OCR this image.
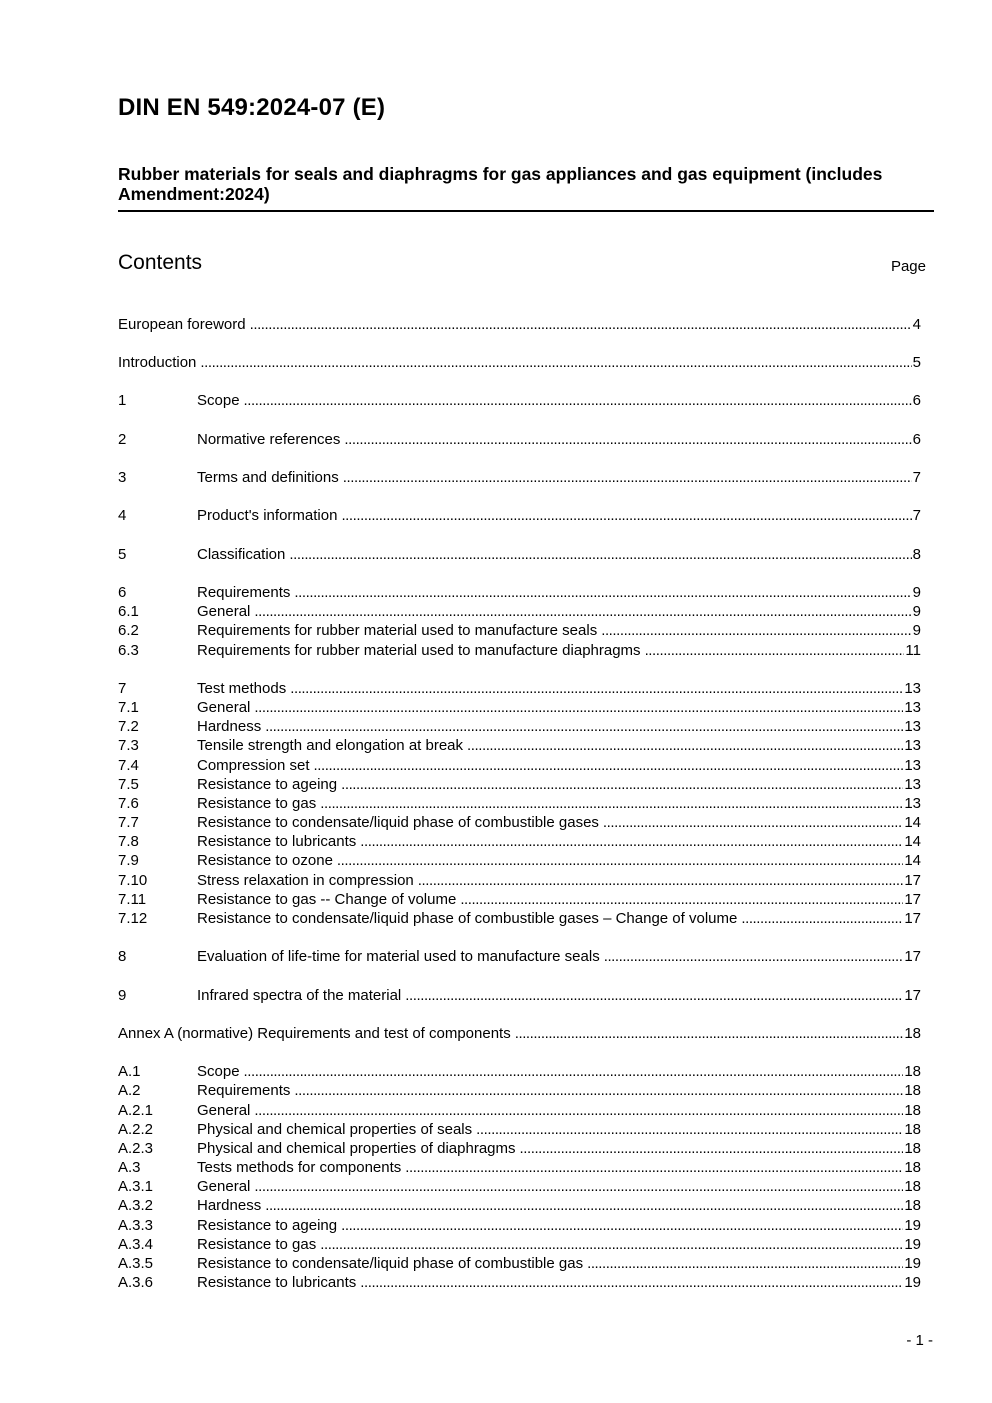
DIN EN 549:2024-07 (E)
Rubber materials for seals and diaphragms for gas appliances and gas equipment (includes Amendment:2024)
Contents	Page
European foreword . . .	4
Introduction . . .	5
1	Scope . . .	6
2	Normative references . . .	6
3	Terms and definitions . . .	7
4	Product's information . . .	7
5	Classification . . .	8
6	Requirements . . .	9
6.1	General . . .	9
6.2	Requirements for rubber material used to manufacture seals . . .	9
6.3	Requirements for rubber material used to manufacture diaphragms . . .	11
7	Test methods . . .	13
7.1	General . . .	13
7.2	Hardness . . .	13
7.3	Tensile strength and elongation at break . . .	13
7.4	Compression set . . .	13
7.5	Resistance to ageing . . .	13
7.6	Resistance to gas . . .	13
7.7	Resistance to condensate/liquid phase of combustible gases . . .	14
7.8	Resistance to lubricants . . .	14
7.9	Resistance to ozone . . .	14
7.10	Stress relaxation in compression . . .	17
7.11	Resistance to gas -- Change of volume . . .	17
7.12	Resistance to condensate/liquid phase of combustible gases – Change of volume . . .	17
8	Evaluation of life-time for material used to manufacture seals . . .	17
9	Infrared spectra of the material . . .	17
Annex A (normative) Requirements and test of components . . .	18
A.1	Scope . . .	18
A.2	Requirements . . .	18
A.2.1	General . . .	18
A.2.2	Physical and chemical properties of seals . . .	18
A.2.3	Physical and chemical properties of diaphragms . . .	18
A.3	Tests methods for components . . .	18
A.3.1	General . . .	18
A.3.2	Hardness . . .	18
A.3.3	Resistance to ageing . . .	19
A.3.4	Resistance to gas . . .	19
A.3.5	Resistance to condensate/liquid phase of combustible gas . . .	19
A.3.6	Resistance to lubricants . . .	19
- 1 -
